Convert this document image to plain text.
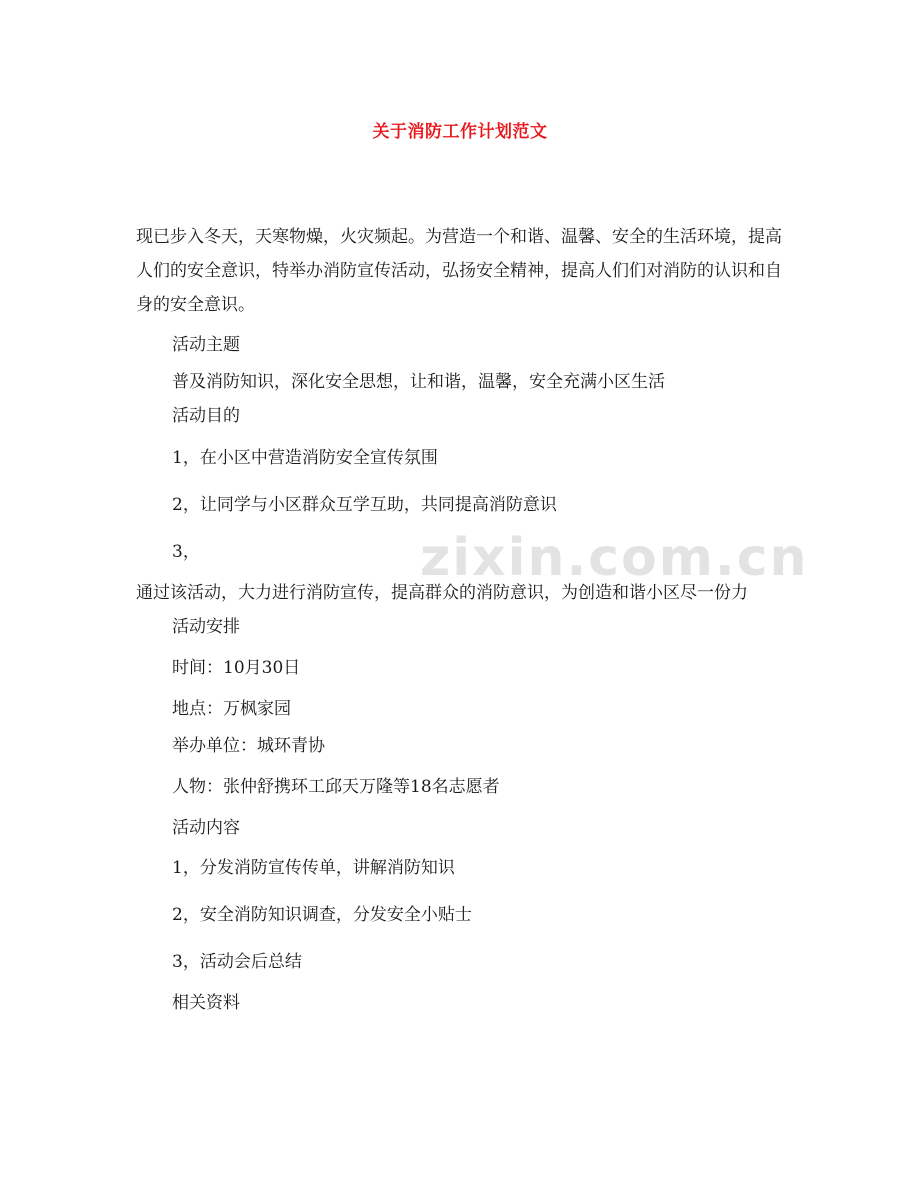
zixin.com.cn
关于消防工作计划范文

现已步入冬天，天寒物燥，火灾频起。为营造一个和谐、温馨、安全的生活环境，提高人们的安全意识，特举办消防宣传活动，弘扬安全精神，提高人们们对消防的认识和自身的安全意识。

活动主题
普及消防知识，深化安全思想，让和谐，温馨，安全充满小区生活
活动目的
1，在小区中营造消防安全宣传氛围
2，让同学与小区群众互学互助，共同提高消防意识
3，
通过该活动，大力进行消防宣传，提高群众的消防意识，为创造和谐小区尽一份力
活动安排
时间：10月30日
地点：万枫家园
举办单位：城环青协
人物：张仲舒携环工邱天万隆等18名志愿者
活动内容
1，分发消防宣传传单，讲解消防知识
2，安全消防知识调查，分发安全小贴士
3，活动会后总结
相关资料
